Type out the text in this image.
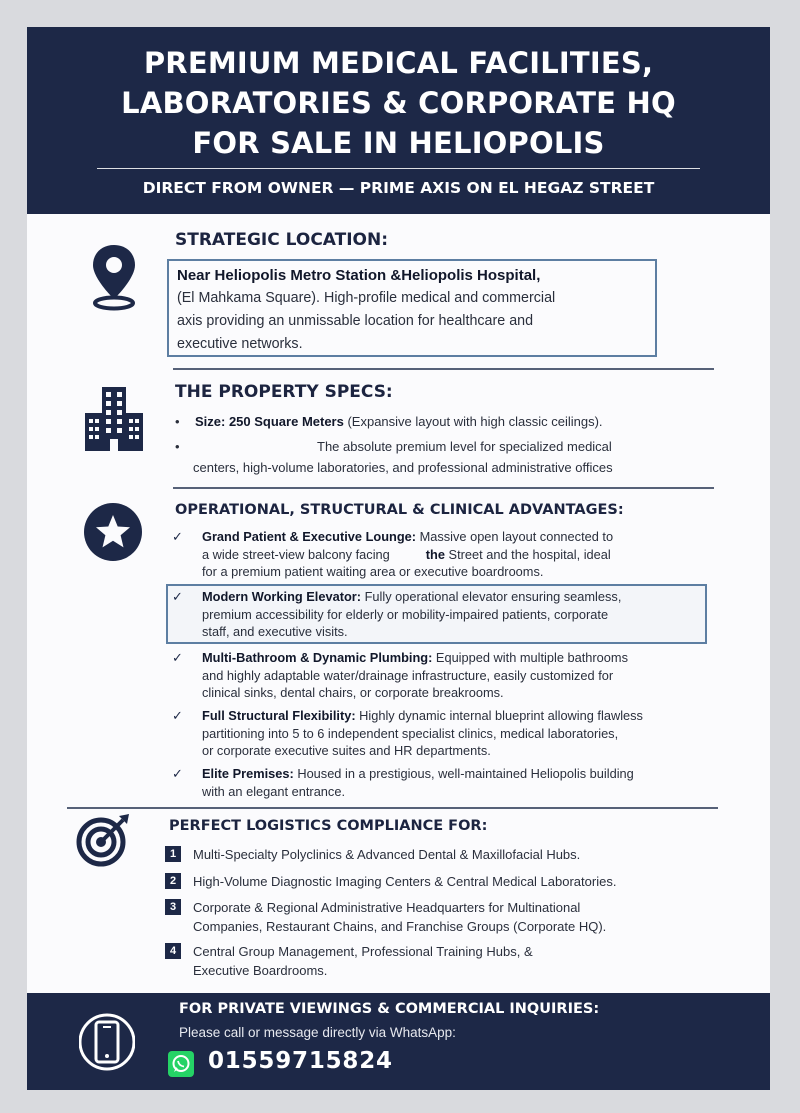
PREMIUM MEDICAL FACILITIES,
LABORATORIES & CORPORATE HQ
FOR SALE IN HELIOPOLIS
DIRECT FROM OWNER — PRIME AXIS ON EL HEGAZ STREET
STRATEGIC LOCATION:
Near Heliopolis Metro Station &Heliopolis Hospital,
(El Mahkama Square). High-profile medical and commercial
axis providing an unmissable location for healthcare and
executive networks.
THE PROPERTY SPECS:
• Size: 250 Square Meters (Expansive layout with high classic ceilings).
•	The absolute premium level for specialized medical
centers, high-volume laboratories, and professional administrative offices
OPERATIONAL, STRUCTURAL & CLINICAL ADVANTAGES:
✓ Grand Patient & Executive Lounge: Massive open layout connected to
a wide street-view balcony facing	the Street and the hospital, ideal
for a premium patient waiting area or executive boardrooms.
✓ Modern Working Elevator: Fully operational elevator ensuring seamless,
premium accessibility for elderly or mobility-impaired patients, corporate
staff, and executive visits.
✓ Multi-Bathroom & Dynamic Plumbing: Equipped with multiple bathrooms
and highly adaptable water/drainage infrastructure, easily customized for
clinical sinks, dental chairs, or corporate breakrooms.
✓ Full Structural Flexibility: Highly dynamic internal blueprint allowing flawless
partitioning into 5 to 6 independent specialist clinics, medical laboratories,
or corporate executive suites and HR departments.
✓ Elite Premises: Housed in a prestigious, well-maintained Heliopolis building
with an elegant entrance.
PERFECT LOGISTICS COMPLIANCE FOR:
1	Multi-Specialty Polyclinics & Advanced Dental & Maxillofacial Hubs.
2	High-Volume Diagnostic Imaging Centers & Central Medical Laboratories.
3	Corporate & Regional Administrative Headquarters for Multinational
Companies, Restaurant Chains, and Franchise Groups (Corporate HQ).
4	Central Group Management, Professional Training Hubs, &
Executive Boardrooms.
FOR PRIVATE VIEWINGS & COMMERCIAL INQUIRIES:
Please call or message directly via WhatsApp:
01559715824
